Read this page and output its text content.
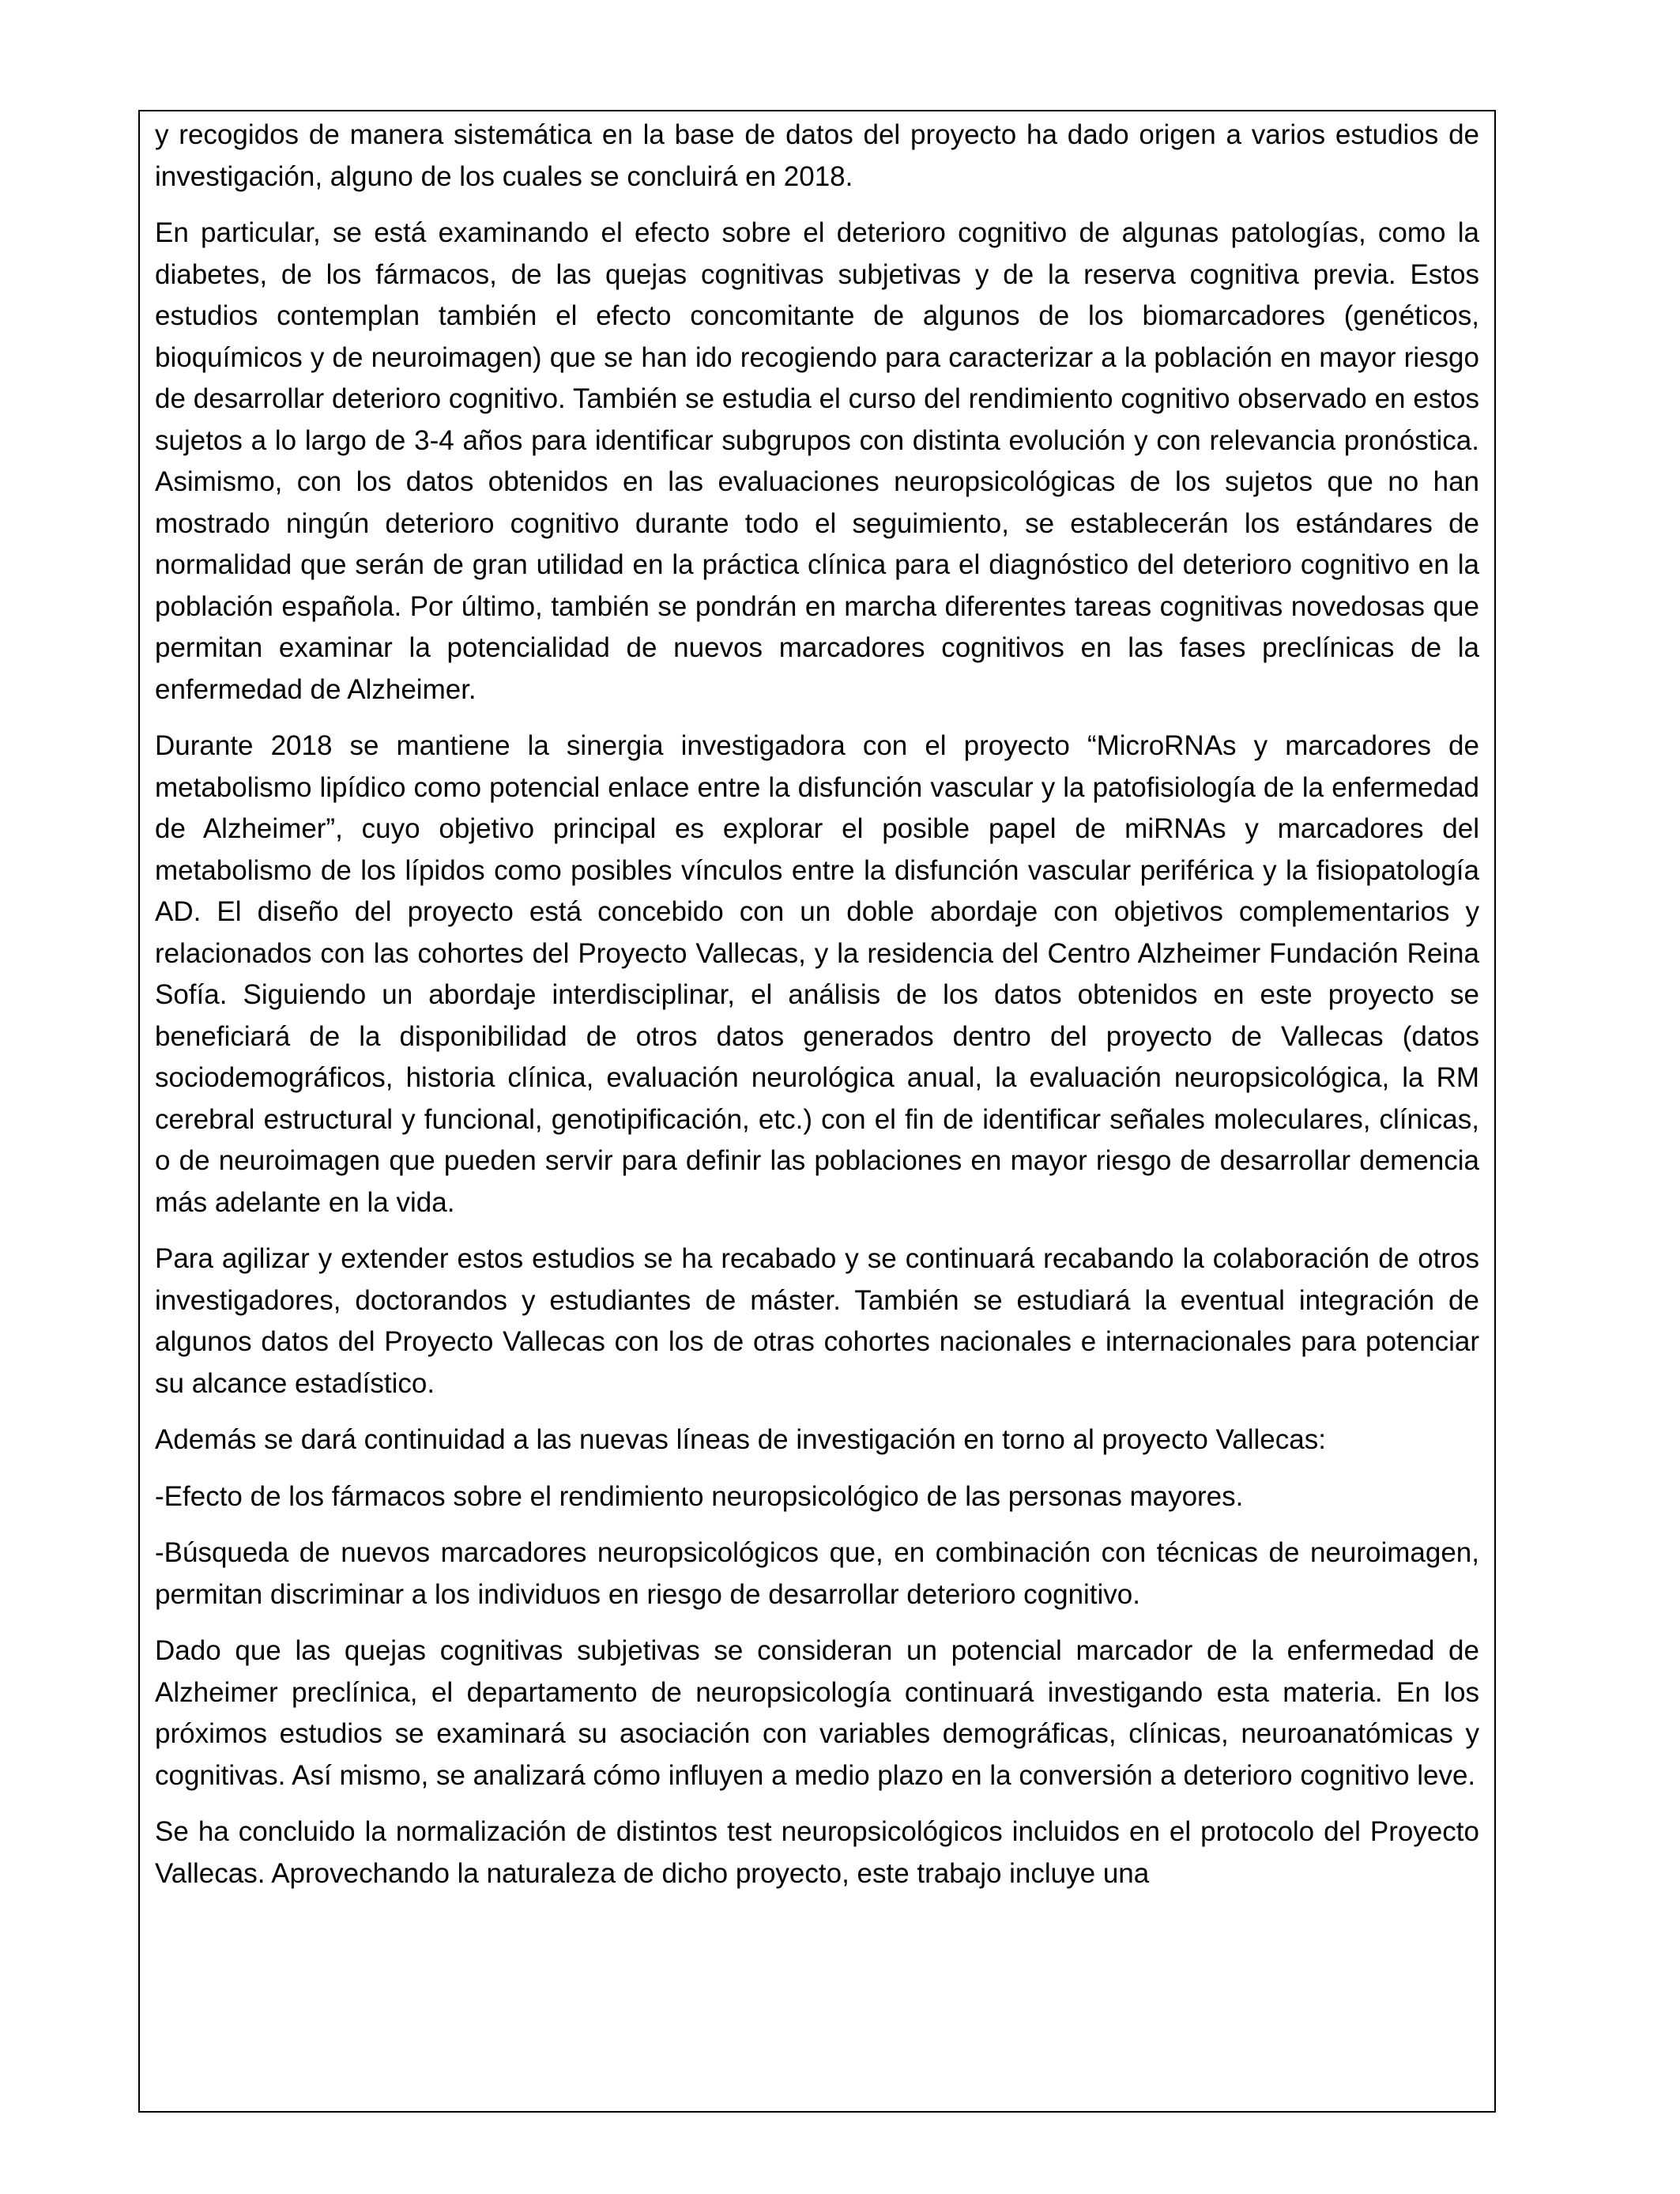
y recogidos de manera sistemática en la base de datos del proyecto ha dado origen a varios estudios de investigación, alguno de los cuales se concluirá en 2018.

En particular, se está examinando el efecto sobre el deterioro cognitivo de algunas patologías, como la diabetes, de los fármacos, de las quejas cognitivas subjetivas y de la reserva cognitiva previa. Estos estudios contemplan también el efecto concomitante de algunos de los biomarcadores (genéticos, bioquímicos y de neuroimagen) que se han ido recogiendo para caracterizar a la población en mayor riesgo de desarrollar deterioro cognitivo. También se estudia el curso del rendimiento cognitivo observado en estos sujetos a lo largo de 3-4 años para identificar subgrupos con distinta evolución y con relevancia pronóstica. Asimismo, con los datos obtenidos en las evaluaciones neuropsicológicas de los sujetos que no han mostrado ningún deterioro cognitivo durante todo el seguimiento, se establecerán los estándares de normalidad que serán de gran utilidad en la práctica clínica para el diagnóstico del deterioro cognitivo en la población española. Por último, también se pondrán en marcha diferentes tareas cognitivas novedosas que permitan examinar la potencialidad de nuevos marcadores cognitivos en las fases preclínicas de la enfermedad de Alzheimer.

Durante 2018 se mantiene la sinergia investigadora con el proyecto “MicroRNAs y marcadores de metabolismo lipídico como potencial enlace entre la disfunción vascular y la patofisiología de la enfermedad de Alzheimer”, cuyo objetivo principal es explorar el posible papel de miRNAs y marcadores del metabolismo de los lípidos como posibles vínculos entre la disfunción vascular periférica y la fisiopatología AD. El diseño del proyecto está concebido con un doble abordaje con objetivos complementarios y relacionados con las cohortes del Proyecto Vallecas, y la residencia del Centro Alzheimer Fundación Reina Sofía. Siguiendo un abordaje interdisciplinar, el análisis de los datos obtenidos en este proyecto se beneficiará de la disponibilidad de otros datos generados dentro del proyecto de Vallecas (datos sociodemográficos, historia clínica, evaluación neurológica anual, la evaluación neuropsicológica, la RM cerebral estructural y funcional, genotipificación, etc.) con el fin de identificar señales moleculares, clínicas, o de neuroimagen que pueden servir para definir las poblaciones en mayor riesgo de desarrollar demencia más adelante en la vida.

Para agilizar y extender estos estudios se ha recabado y se continuará recabando la colaboración de otros investigadores, doctorandos y estudiantes de máster. También se estudiará la eventual integración de algunos datos del Proyecto Vallecas con los de otras cohortes nacionales e internacionales para potenciar su alcance estadístico.

Además se dará continuidad a las nuevas líneas de investigación en torno al proyecto Vallecas:

-Efecto de los fármacos sobre el rendimiento neuropsicológico de las personas mayores.

-Búsqueda de nuevos marcadores neuropsicológicos que, en combinación con técnicas de neuroimagen, permitan discriminar a los individuos en riesgo de desarrollar deterioro cognitivo.

Dado que las quejas cognitivas subjetivas se consideran un potencial marcador de la enfermedad de Alzheimer preclínica, el departamento de neuropsicología continuará investigando esta materia. En los próximos estudios se examinará su asociación con variables demográficas, clínicas, neuroanatómicas y cognitivas. Así mismo, se analizará cómo influyen a medio plazo en la conversión a deterioro cognitivo leve.

Se ha concluido la normalización de distintos test neuropsicológicos incluidos en el protocolo del Proyecto Vallecas. Aprovechando la naturaleza de dicho proyecto, este trabajo incluye una
